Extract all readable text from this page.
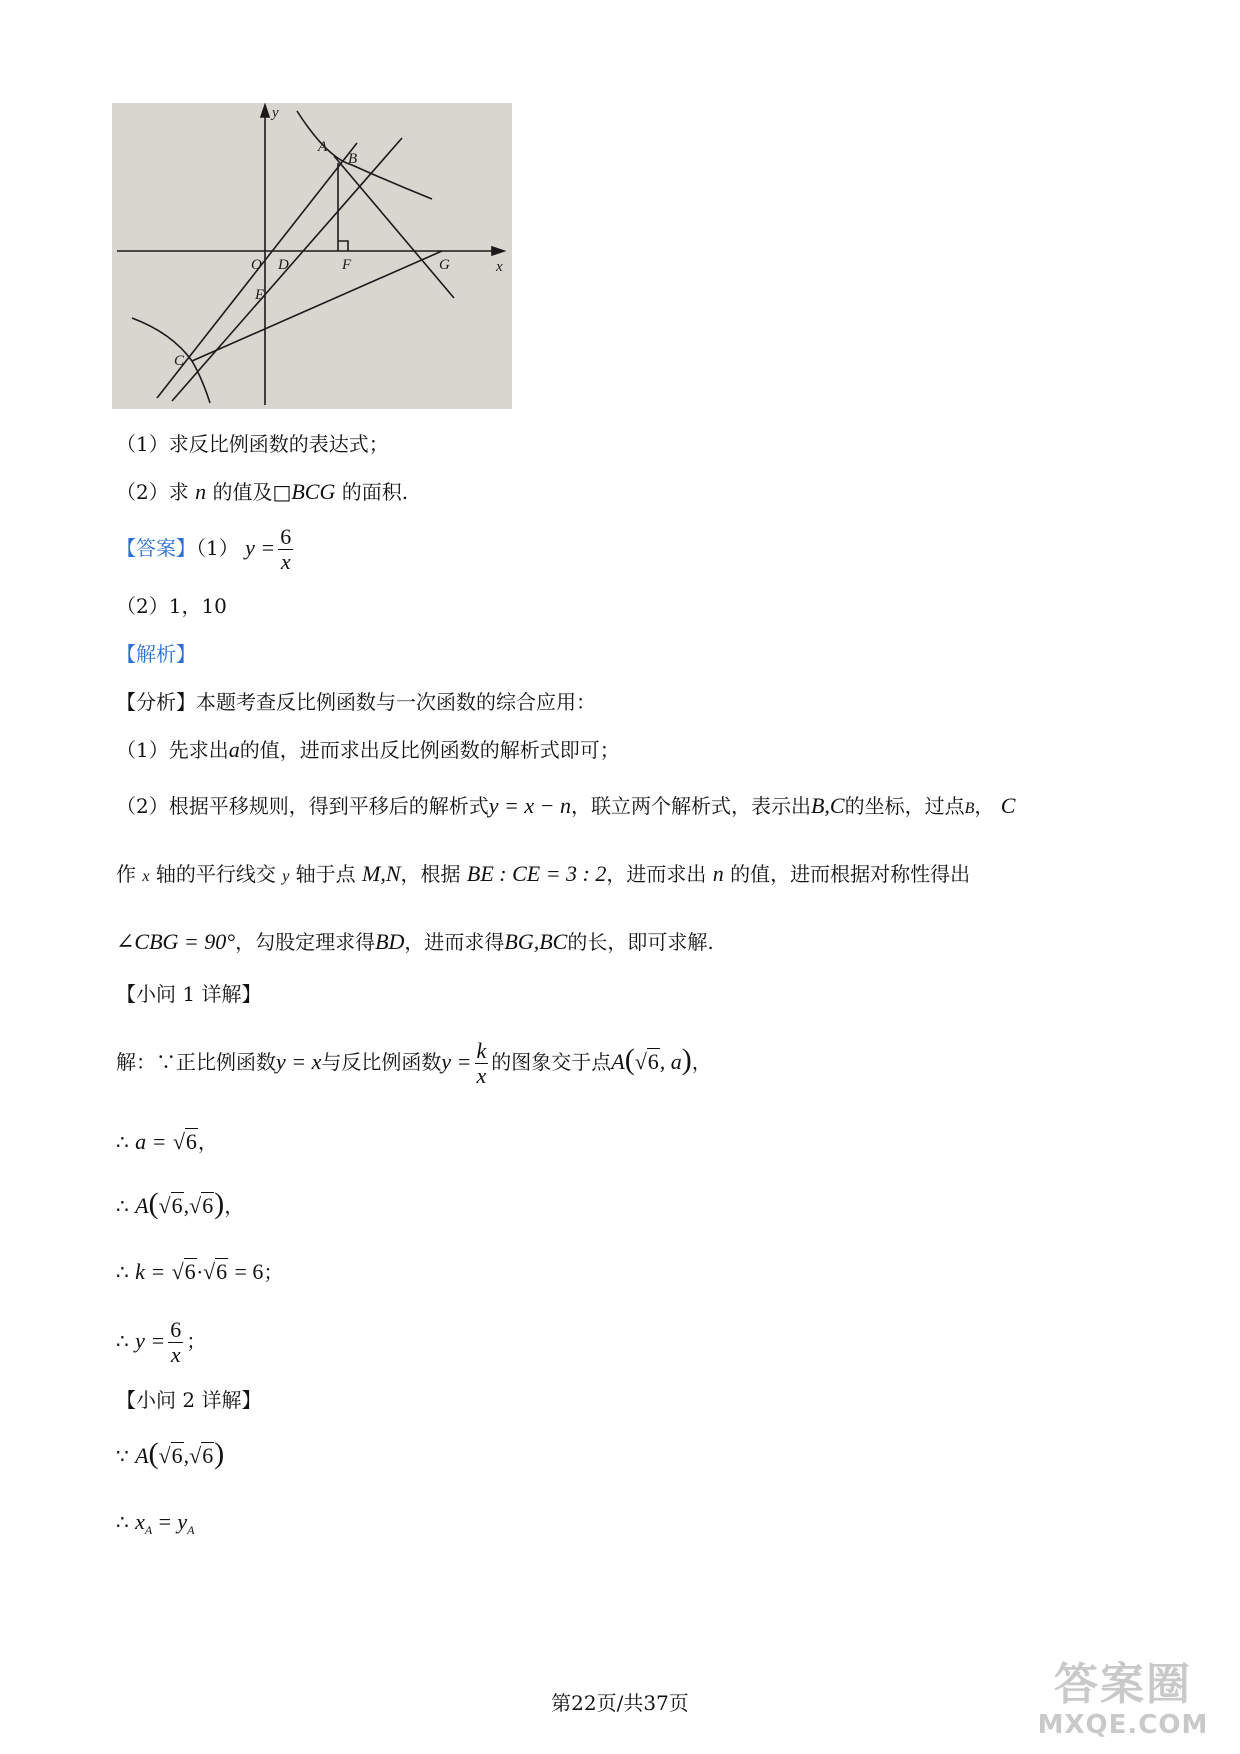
y
x
A
B
C
O D
E
F	G
（1）求反比例函数的表达式；
（2）求 n 的值及□BCG 的面积.
【答案】（1） $y = \frac{6}{x}$
（2）1，10
【解析】
【分析】本题考查反比例函数与一次函数的综合应用：
（1）先求出a的值，进而求出反比例函数的解析式即可；
（2）根据平移规则，得到平移后的解析式y = x − n，联立两个解析式，表示出B,C的坐标，过点B， C
作 x 轴的平行线交 y 轴于点 M,N，根据 BE : CE = 3 : 2，进而求出 n 的值，进而根据对称性得出
∠CBG = 90°，勾股定理求得BD，进而求得BG,BC的长，即可求解.
【小问 1 详解】
解：∵正比例函数y = x与反比例函数$y = \frac{k}{x}$ 的图象交于点A(√6, a)，
∴ a = √6，
∴ A(√6,√6)，
∴ k = √6·√6 = 6；
∴ $y = \frac{6}{x}$ ；
【小问 2 详解】
∵ A(√6,√6)
∴ $x_A = y_A$
第22页/共37页	答案圈
MXQE.COM
